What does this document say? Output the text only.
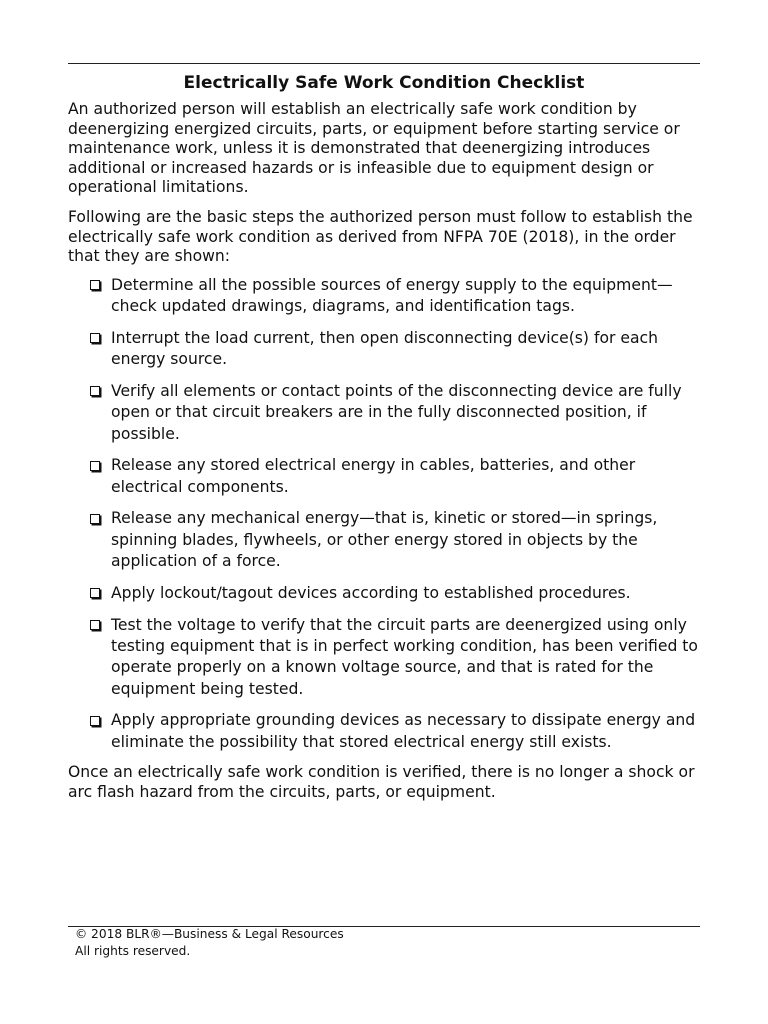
Electrically Safe Work Condition Checklist

An authorized person will establish an electrically safe work condition by deenergizing energized circuits, parts, or equipment before starting service or maintenance work, unless it is demonstrated that deenergizing introduces additional or increased hazards or is infeasible due to equipment design or operational limitations.

Following are the basic steps the authorized person must follow to establish the electrically safe work condition as derived from NFPA 70E (2018), in the order that they are shown:

Determine all the possible sources of energy supply to the equipment—check updated drawings, diagrams, and identification tags.
Interrupt the load current, then open disconnecting device(s) for each energy source.
Verify all elements or contact points of the disconnecting device are fully open or that circuit breakers are in the fully disconnected position, if possible.
Release any stored electrical energy in cables, batteries, and other electrical components.
Release any mechanical energy—that is, kinetic or stored—in springs, spinning blades, flywheels, or other energy stored in objects by the application of a force.
Apply lockout/tagout devices according to established procedures.
Test the voltage to verify that the circuit parts are deenergized using only testing equipment that is in perfect working condition, has been verified to operate properly on a known voltage source, and that is rated for the equipment being tested.
Apply appropriate grounding devices as necessary to dissipate energy and eliminate the possibility that stored electrical energy still exists.

Once an electrically safe work condition is verified, there is no longer a shock or arc flash hazard from the circuits, parts, or equipment.

© 2018 BLR®—Business & Legal Resources
All rights reserved.
